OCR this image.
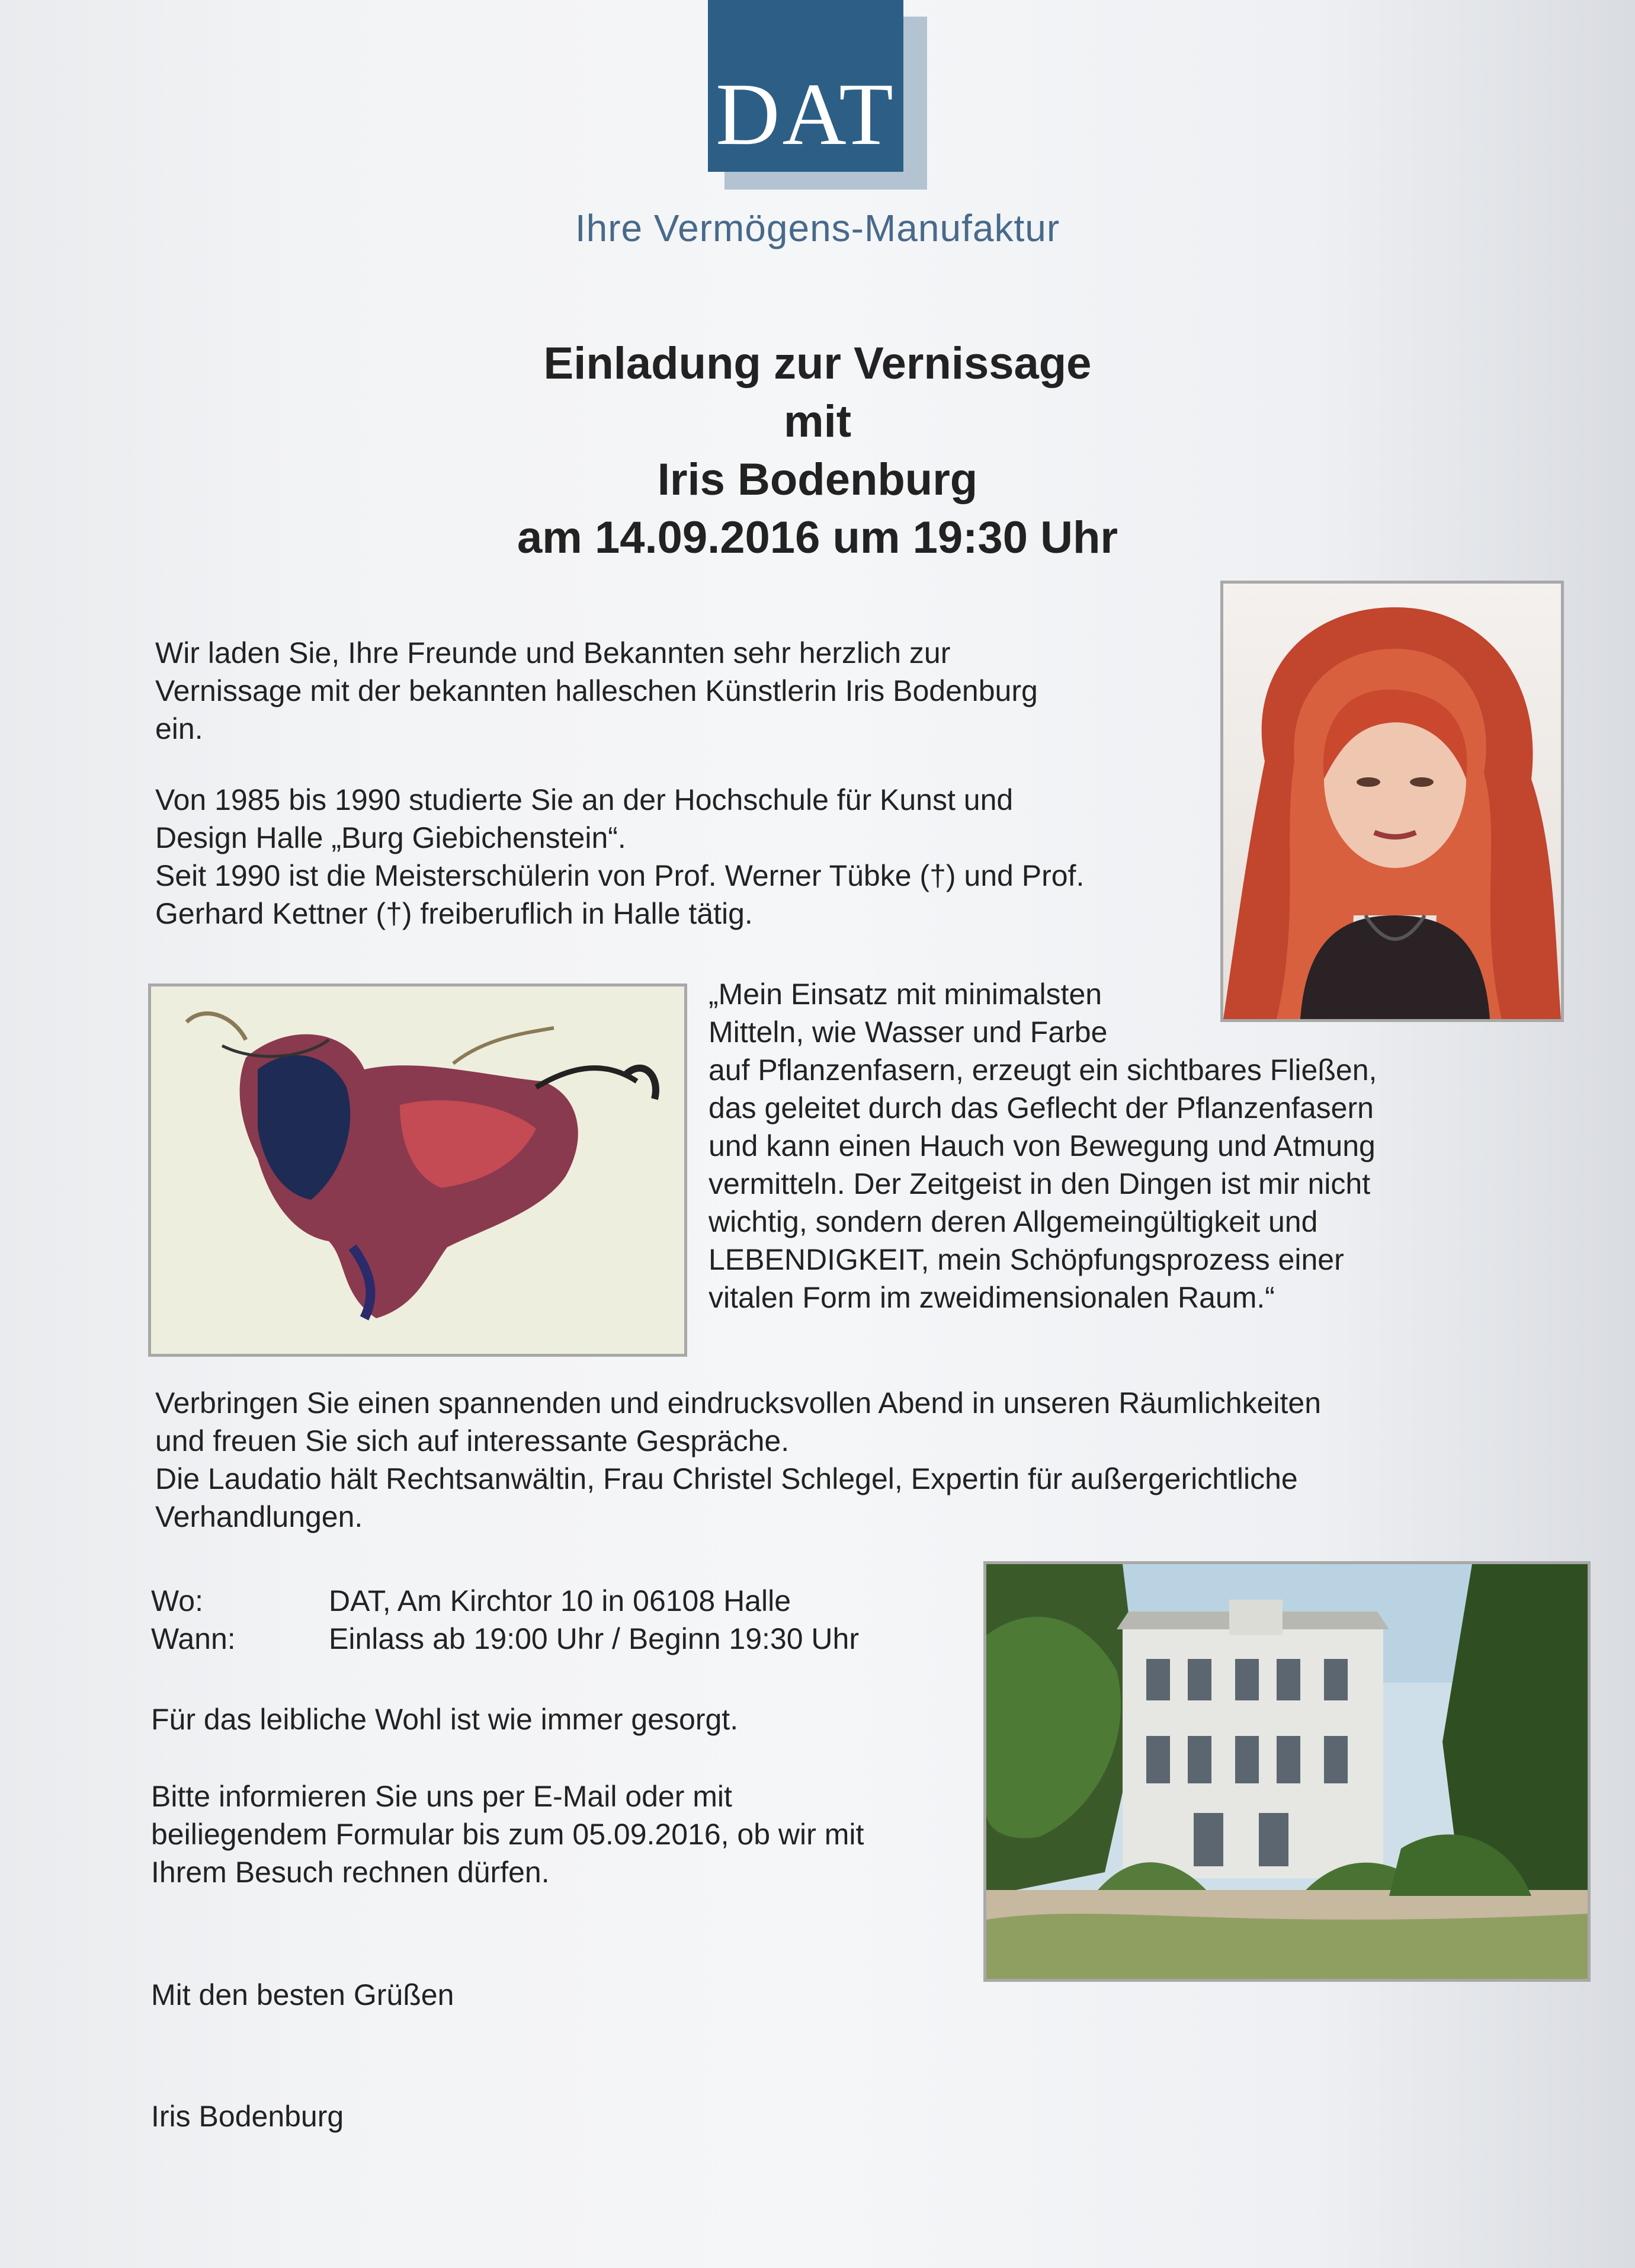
DAT
Ihre Vermögens-Manufaktur
Einladung zur Vernissage
mit
Iris Bodenburg
am 14.09.2016 um 19:30 Uhr
Wir laden Sie, Ihre Freunde und Bekannten sehr herzlich zur
Vernissage mit der bekannten halleschen Künstlerin Iris Bodenburg
ein.
Von 1985 bis 1990 studierte Sie an der Hochschule für Kunst und
Design Halle „Burg Giebichenstein“.
Seit 1990 ist die Meisterschülerin von Prof. Werner Tübke (†) und Prof.
Gerhard Kettner (†) freiberuflich in Halle tätig.
„Mein Einsatz mit minimalsten
Mitteln, wie Wasser und Farbe
auf Pflanzenfasern, erzeugt ein sichtbares Fließen,
das geleitet durch das Geflecht der Pflanzenfasern
und kann einen Hauch von Bewegung und Atmung
vermitteln. Der Zeitgeist in den Dingen ist mir nicht
wichtig, sondern deren Allgemeingültigkeit und
LEBENDIGKEIT, mein Schöpfungsprozess einer
vitalen Form im zweidimensionalen Raum.“
Verbringen Sie einen spannenden und eindrucksvollen Abend in unseren Räumlichkeiten
und freuen Sie sich auf interessante Gespräche.
Die Laudatio hält Rechtsanwältin, Frau Christel Schlegel, Expertin für außergerichtliche
Verhandlungen.
Wo:	DAT, Am Kirchtor 10 in 06108 Halle
Wann:	Einlass ab 19:00 Uhr / Beginn 19:30 Uhr
Für das leibliche Wohl ist wie immer gesorgt.
Bitte informieren Sie uns per E-Mail oder mit
beiliegendem Formular bis zum 05.09.2016, ob wir mit
Ihrem Besuch rechnen dürfen.
Mit den besten Grüßen
Iris Bodenburg
